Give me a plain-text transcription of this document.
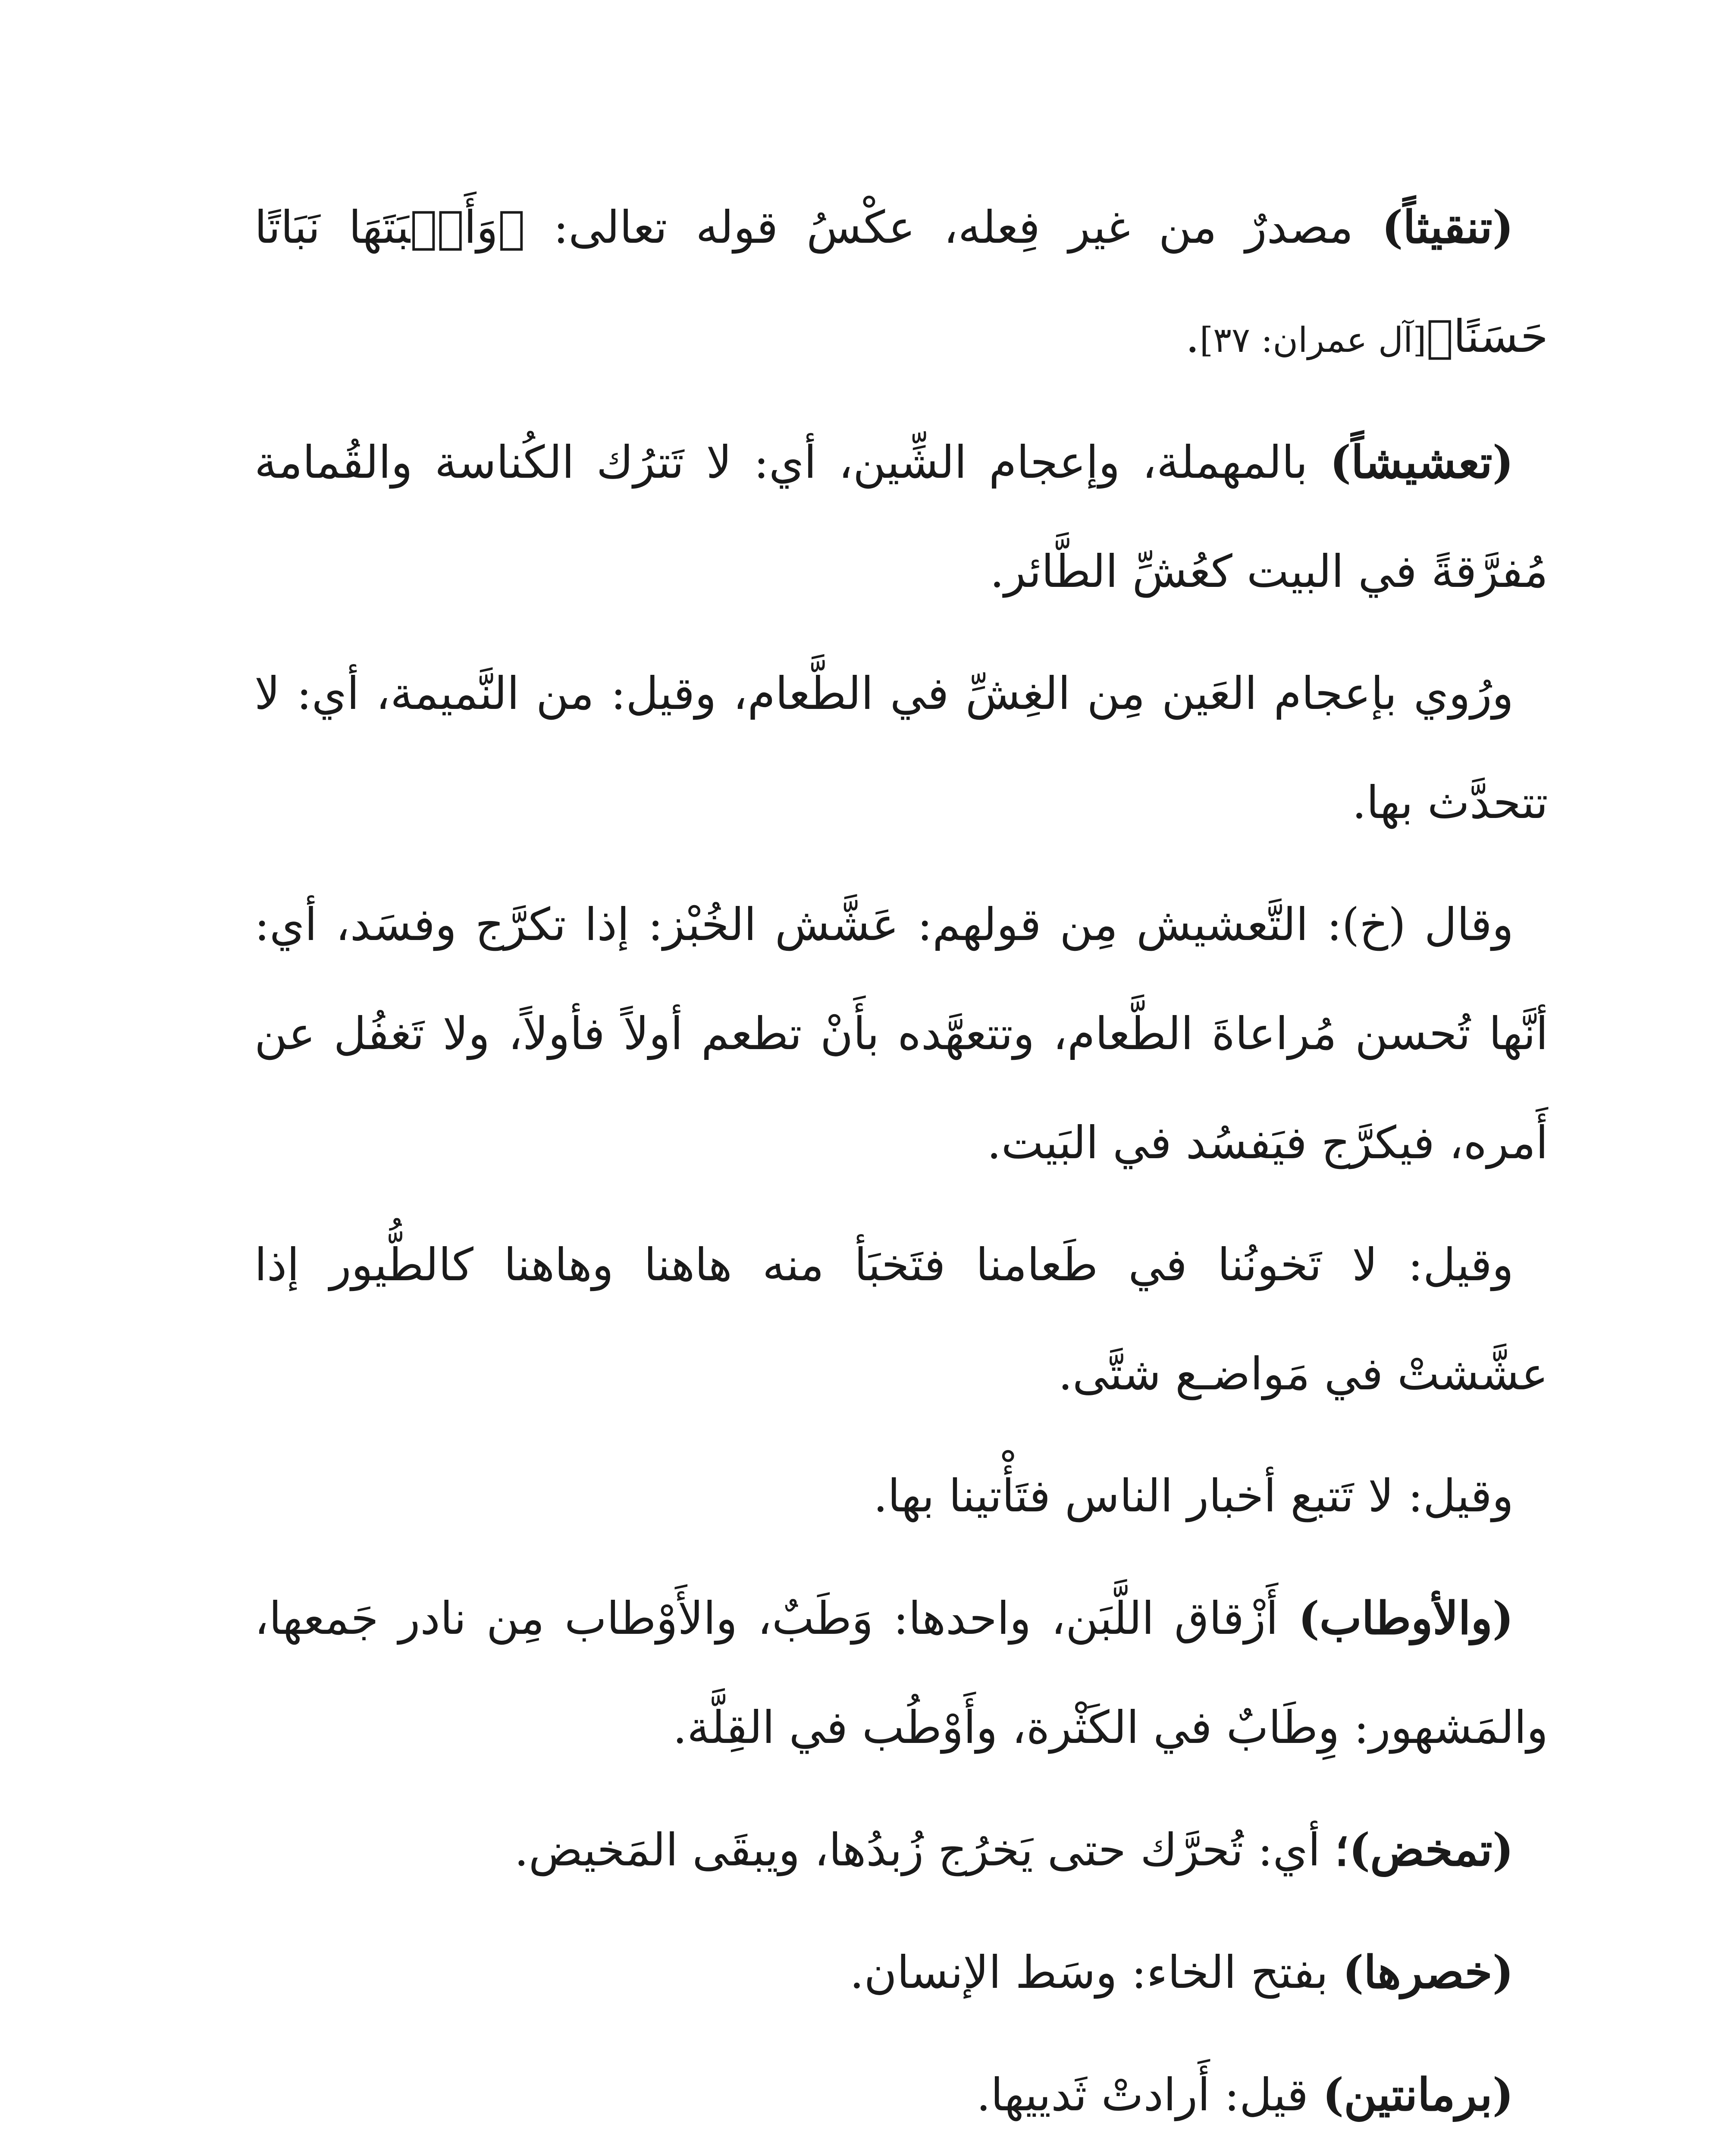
(تنقيثاً) مصدرٌ من غير فِعله، عكْسُ قوله تعالى: ﴿وَأَنۢبَتَهَا نَبَاتًا حَسَنًا﴾[آل عمران: ٣٧].

(تعشيشاً) بالمهملة، وإعجام الشِّين، أي: لا تَترُك الكُناسة والقُمامة مُفرَّقةً في البيت كعُشِّ الطَّائر.

ورُوي بإعجام العَين مِن الغِشِّ في الطَّعام، وقيل: من النَّميمة، أي: لا تتحدَّث بها.

وقال (خ): التَّعشيش مِن قولهم: عَشَّش الخُبْز: إذا تكرَّج وفسَد، أي: أنَّها تُحسن مُراعاةَ الطَّعام، وتتعهَّده بأَنْ تطعم أولاً فأولاً، ولا تَغفُل عن أَمره، فيكرَّج فيَفسُد في البَيت.

وقيل: لا تَخونُنا في طَعامنا فتَخبَأ منه هاهنا وهاهنا كالطُّيور إذا عشَّشتْ في مَواضـع شتَّى.

وقيل: لا تَتبع أخبار الناس فتَأْتينا بها.

(والأوطاب) أَزْقاق اللَّبَن، واحدها: وَطَبٌ، والأَوْطاب مِن نادر جَمعها، والمَشهور: وِطَابٌ في الكَثْرة، وأَوْطُب في القِلَّة.

(تمخض)؛ أي: تُحرَّك حتى يَخرُج زُبدُها، ويبقَى المَخيض.

(خصرها) بفتح الخاء: وسَط الإنسان.

(برمانتين) قيل: أَرادتْ ثَدييها.
